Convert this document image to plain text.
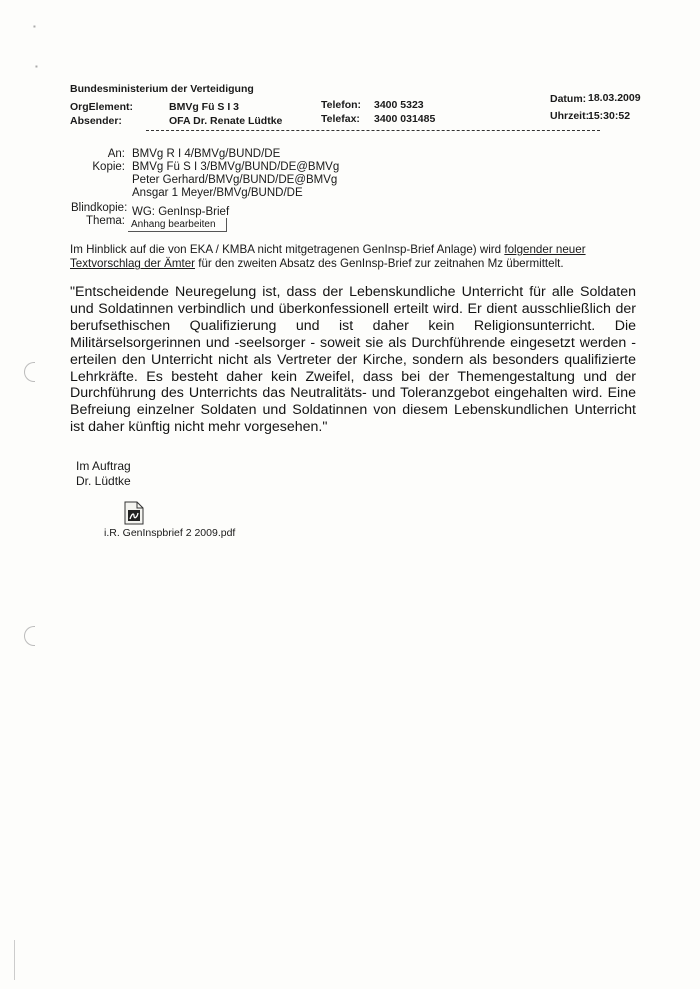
▪
▪
Bundesministerium der Verteidigung
OrgElement:	BMVg Fü S I 3
Absender:	OFA Dr. Renate Lüdtke
Telefon: 3400 5323
Telefax: 3400 031485
Datum: 18.03.2009
Uhrzeit:
15:30:52
An: BMVg R I 4/BMVg/BUND/DE
Kopie: BMVg Fü S I 3/BMVg/BUND/DE@BMVg
Peter Gerhard/BMVg/BUND/DE@BMVg
Ansgar 1 Meyer/BMVg/BUND/DE
Blindkopie:
Thema:
WG: GenInsp-Brief
Anhang bearbeiten
Im Hinblick auf die von EKA / KMBA nicht mitgetragenen GenInsp-Brief Anlage) wird folgender neuer
Textvorschlag der Ämter für den zweiten Absatz des GenInsp-Brief zur zeitnahen Mz übermittelt.

"Entscheidende Neuregelung ist, dass der Lebenskundliche Unterricht für alle Soldaten und Soldatinnen verbindlich und überkonfessionell erteilt wird. Er dient ausschließlich der berufsethischen Qualifizierung und ist daher kein Religionsunterricht. Die Militärselsorgerinnen und -seelsorger - soweit sie als Durchführende eingesetzt werden - erteilen den Unterricht nicht als Vertreter der Kirche, sondern als besonders qualifizierte Lehrkräfte. Es besteht daher kein Zweifel, dass bei der Themengestaltung und der Durchführung des Unterrichts das Neutralitäts- und Toleranzgebot eingehalten wird. Eine Befreiung einzelner Soldaten und Soldatinnen von diesem Lebenskundlichen Unterricht ist daher künftig nicht mehr vorgesehen."

Im Auftrag
Dr. Lüdtke
i.R. GenInspbrief 2 2009.pdf
